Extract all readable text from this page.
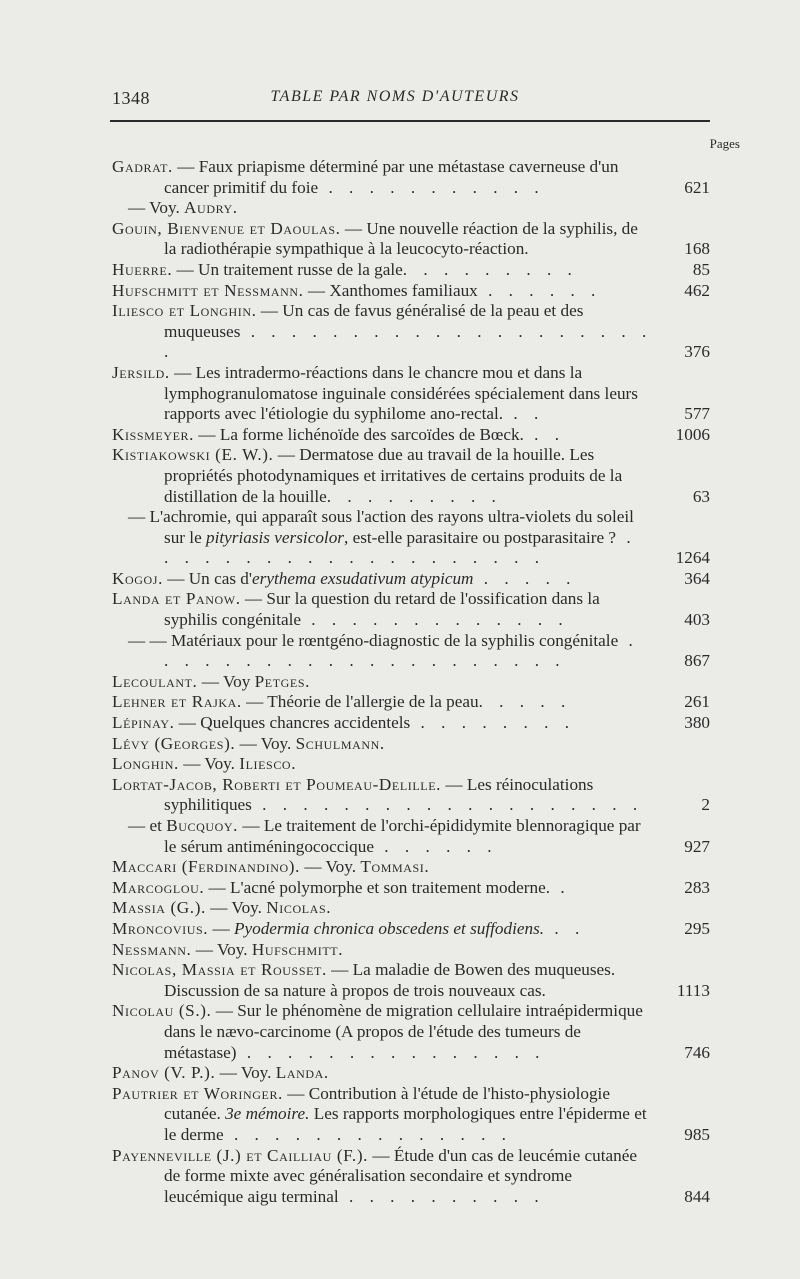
1348	TABLE PAR NOMS D'AUTEURS
Pages
Gadrat. — Faux priapisme déterminé par une métastase caverneuse d'un cancer primitif du foie . . . . . . . . . . .	621
— Voy. Audry.
Gouin, Bienvenue et Daoulas. — Une nouvelle réaction de la syphilis, de la radiothérapie sympathique à la leucocyto-réaction.	168
Huerre. — Un traitement russe de la gale. . . . . . . . .	85
Hufschmitt et Nessmann. — Xanthomes familiaux . . . . . .	462
Iliesco et Longhin. — Un cas de favus généralisé de la peau et des muqueuses . . . . . . . . . . . . . . . . . . . . .	376
Jersild. — Les intradermo-réactions dans le chancre mou et dans la lymphogranulomatose inguinale considérées spécialement dans leurs rapports avec l'étiologie du syphilome ano-rectal. . .	577
Kissmeyer. — La forme lichénoïde des sarcoïdes de Bœck. . .	1006
Kistiakowski (E. W.). — Dermatose due au travail de la houille. Les propriétés photodynamiques et irritatives de certains produits de la distillation de la houille. . . . . . . . .	63
— L'achromie, qui apparaît sous l'action des rayons ultra-violets du soleil sur le pityriasis versicolor, est-elle parasitaire ou postparasitaire ? . . . . . . . . . . . . . . . . . . . .	1264
Kogoj. — Un cas d'erythema exsudativum atypicum . . . . .	364
Landa et Panow. — Sur la question du retard de l'ossification dans la syphilis congénitale . . . . . . . . . . . . .	403
— — Matériaux pour le rœntgéno-diagnostic de la syphilis congénitale . . . . . . . . . . . . . . . . . . . . .	867
Lecoulant. — Voy Petges.
Lehner et Rajka. — Théorie de l'allergie de la peau. . . . .	261
Lépinay. — Quelques chancres accidentels . . . . . . . .	380
Lévy (Georges). — Voy. Schulmann.
Longhin. — Voy. Iliesco.
Lortat-Jacob, Roberti et Poumeau-Delille. — Les réinoculations syphilitiques . . . . . . . . . . . . . . . . . . .	2
— et Bucquoy. — Le traitement de l'orchi-épididymite blennoragique par le sérum antiméningococcique . . . . . .	927
Maccari (Ferdinandino). — Voy. Tommasi.
Marcoglou. — L'acné polymorphe et son traitement moderne. .	283
Massia (G.). — Voy. Nicolas.
Mroncovius. — Pyodermia chronica obscedens et suffodiens. . .	295
Nessmann. — Voy. Hufschmitt.
Nicolas, Massia et Rousset. — La maladie de Bowen des muqueuses. Discussion de sa nature à propos de trois nouveaux cas.	1113
Nicolau (S.). — Sur le phénomène de migration cellulaire intraépidermique dans le nævo-carcinome (A propos de l'étude des tumeurs de métastase) . . . . . . . . . . . . . . .	746
Panov (V. P.). — Voy. Landa.
Pautrier et Woringer. — Contribution à l'étude de l'histo-physiologie cutanée. 3e mémoire. Les rapports morphologiques entre l'épiderme et le derme . . . . . . . . . . . . . .	985
Payenneville (J.) et Cailliau (F.). — Étude d'un cas de leucémie cutanée de forme mixte avec généralisation secondaire et syndrome leucémique aigu terminal . . . . . . . . . .	844
